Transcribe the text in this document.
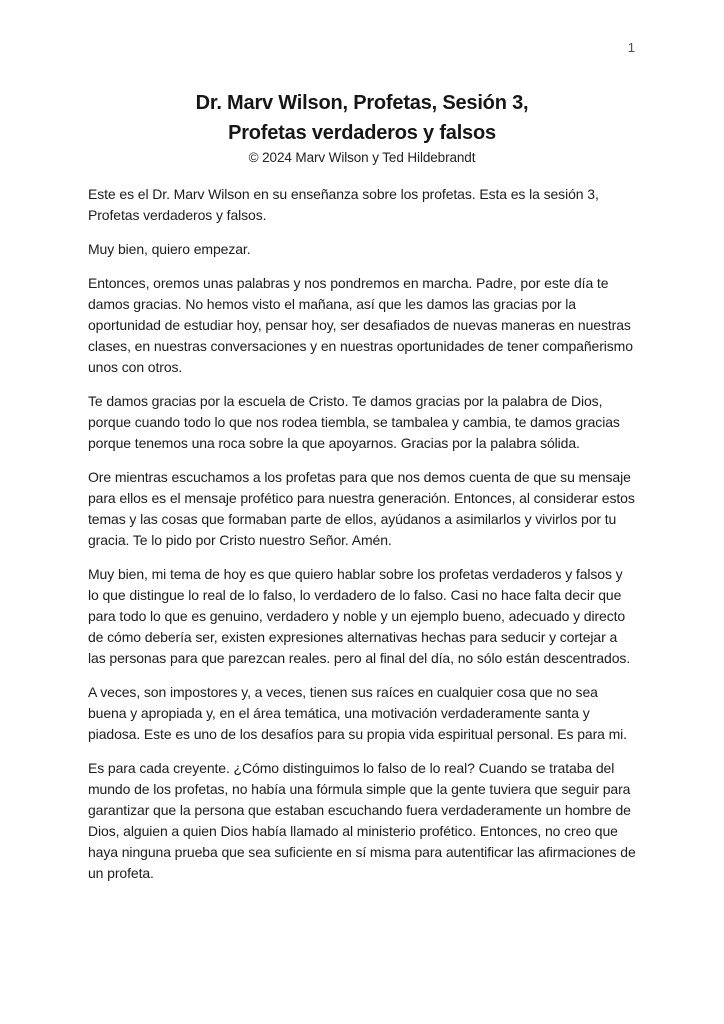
1
Dr. Marv Wilson, Profetas, Sesión 3,
Profetas verdaderos y falsos
© 2024 Marv Wilson y Ted Hildebrandt

Este es el Dr. Marv Wilson en su enseñanza sobre los profetas. Esta es la sesión 3, Profetas verdaderos y falsos.

Muy bien, quiero empezar.

Entonces, oremos unas palabras y nos pondremos en marcha. Padre, por este día te damos gracias. No hemos visto el mañana, así que les damos las gracias por la oportunidad de estudiar hoy, pensar hoy, ser desafiados de nuevas maneras en nuestras clases, en nuestras conversaciones y en nuestras oportunidades de tener compañerismo unos con otros.

Te damos gracias por la escuela de Cristo. Te damos gracias por la palabra de Dios, porque cuando todo lo que nos rodea tiembla, se tambalea y cambia, te damos gracias porque tenemos una roca sobre la que apoyarnos. Gracias por la palabra sólida.

Ore mientras escuchamos a los profetas para que nos demos cuenta de que su mensaje para ellos es el mensaje profético para nuestra generación. Entonces, al considerar estos temas y las cosas que formaban parte de ellos, ayúdanos a asimilarlos y vivirlos por tu gracia. Te lo pido por Cristo nuestro Señor. Amén.

Muy bien, mi tema de hoy es que quiero hablar sobre los profetas verdaderos y falsos y lo que distingue lo real de lo falso, lo verdadero de lo falso. Casi no hace falta decir que para todo lo que es genuino, verdadero y noble y un ejemplo bueno, adecuado y directo de cómo debería ser, existen expresiones alternativas hechas para seducir y cortejar a las personas para que parezcan reales. pero al final del día, no sólo están descentrados.

A veces, son impostores y, a veces, tienen sus raíces en cualquier cosa que no sea buena y apropiada y, en el área temática, una motivación verdaderamente santa y piadosa. Este es uno de los desafíos para su propia vida espiritual personal. Es para mi.

Es para cada creyente. ¿Cómo distinguimos lo falso de lo real? Cuando se trataba del mundo de los profetas, no había una fórmula simple que la gente tuviera que seguir para garantizar que la persona que estaban escuchando fuera verdaderamente un hombre de Dios, alguien a quien Dios había llamado al ministerio profético. Entonces, no creo que haya ninguna prueba que sea suficiente en sí misma para autentificar las afirmaciones de un profeta.
